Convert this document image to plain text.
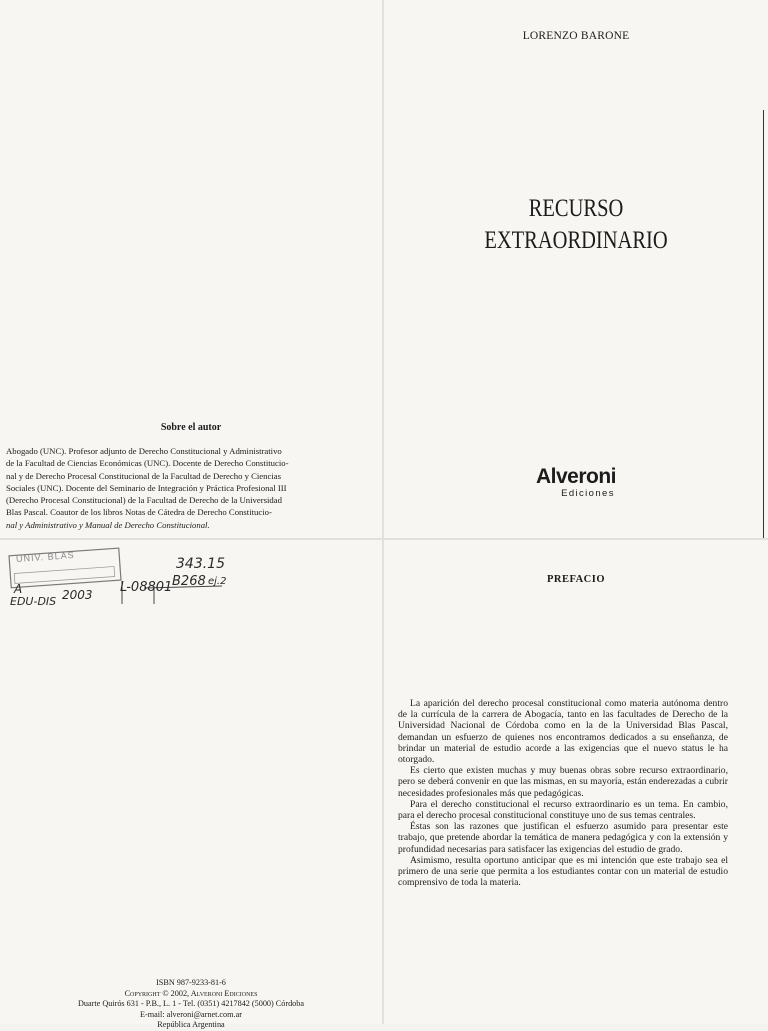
Sobre el autor

Abogado (UNC). Profesor adjunto de Derecho Constitucional y Administrativo

de la Facultad de Ciencias Económicas (UNC). Docente de Derecho Constitucio-

nal y de Derecho Procesal Constitucional de la Facultad de Derecho y Ciencias

Sociales (UNC). Docente del Seminario de Integración y Práctica Profesional III

(Derecho Procesal Constitucional) de la Facultad de Derecho de la Universidad

Blas Pascal. Coautor de los libros Notas de Cátedra de Derecho Constitucio-

nal y Administrativo y Manual de Derecho Constitucional.

LORENZO BARONE
RECURSO
EXTRAORDINARIO
Alveroni
Ediciones
UNIV. BLAS	343.15
A
EDU-DIS 2003 L-08801 B268 ej.2
ISBN 987-9233-81-6
Copyright © 2002, Alveroni Ediciones
Duarte Quirós 631 - P.B., L. 1 - Tel. (0351) 4217842 (5000) Córdoba
E-mail: alveroni@arnet.com.ar
República Argentina
PREFACIO

La aparición del derecho procesal constitucional como materia autónoma dentro de la currícula de la carrera de Abogacía, tanto en las facultades de Derecho de la Universidad Nacional de Córdoba como en la de la Universidad Blas Pascal, demandan un esfuerzo de quienes nos encontramos dedicados a su enseñanza, de brindar un material de estudio acorde a las exigencias que el nuevo status le ha otorgado.

Es cierto que existen muchas y muy buenas obras sobre recurso extraordinario, pero se deberá convenir en que las mismas, en su mayoría, están enderezadas a cubrir necesidades profesionales más que pedagógicas.

Para el derecho constitucional el recurso extraordinario es un tema. En cambio, para el derecho procesal constitucional constituye uno de sus temas centrales.

Éstas son las razones que justifican el esfuerzo asumido para presentar este trabajo, que pretende abordar la temática de manera pedagógica y con la extensión y profundidad necesarias para satisfacer las exigencias del estudio de grado.

Asimismo, resulta oportuno anticipar que es mi intención que este trabajo sea el primero de una serie que permita a los estudiantes contar con un material de estudio comprensivo de toda la materia.
